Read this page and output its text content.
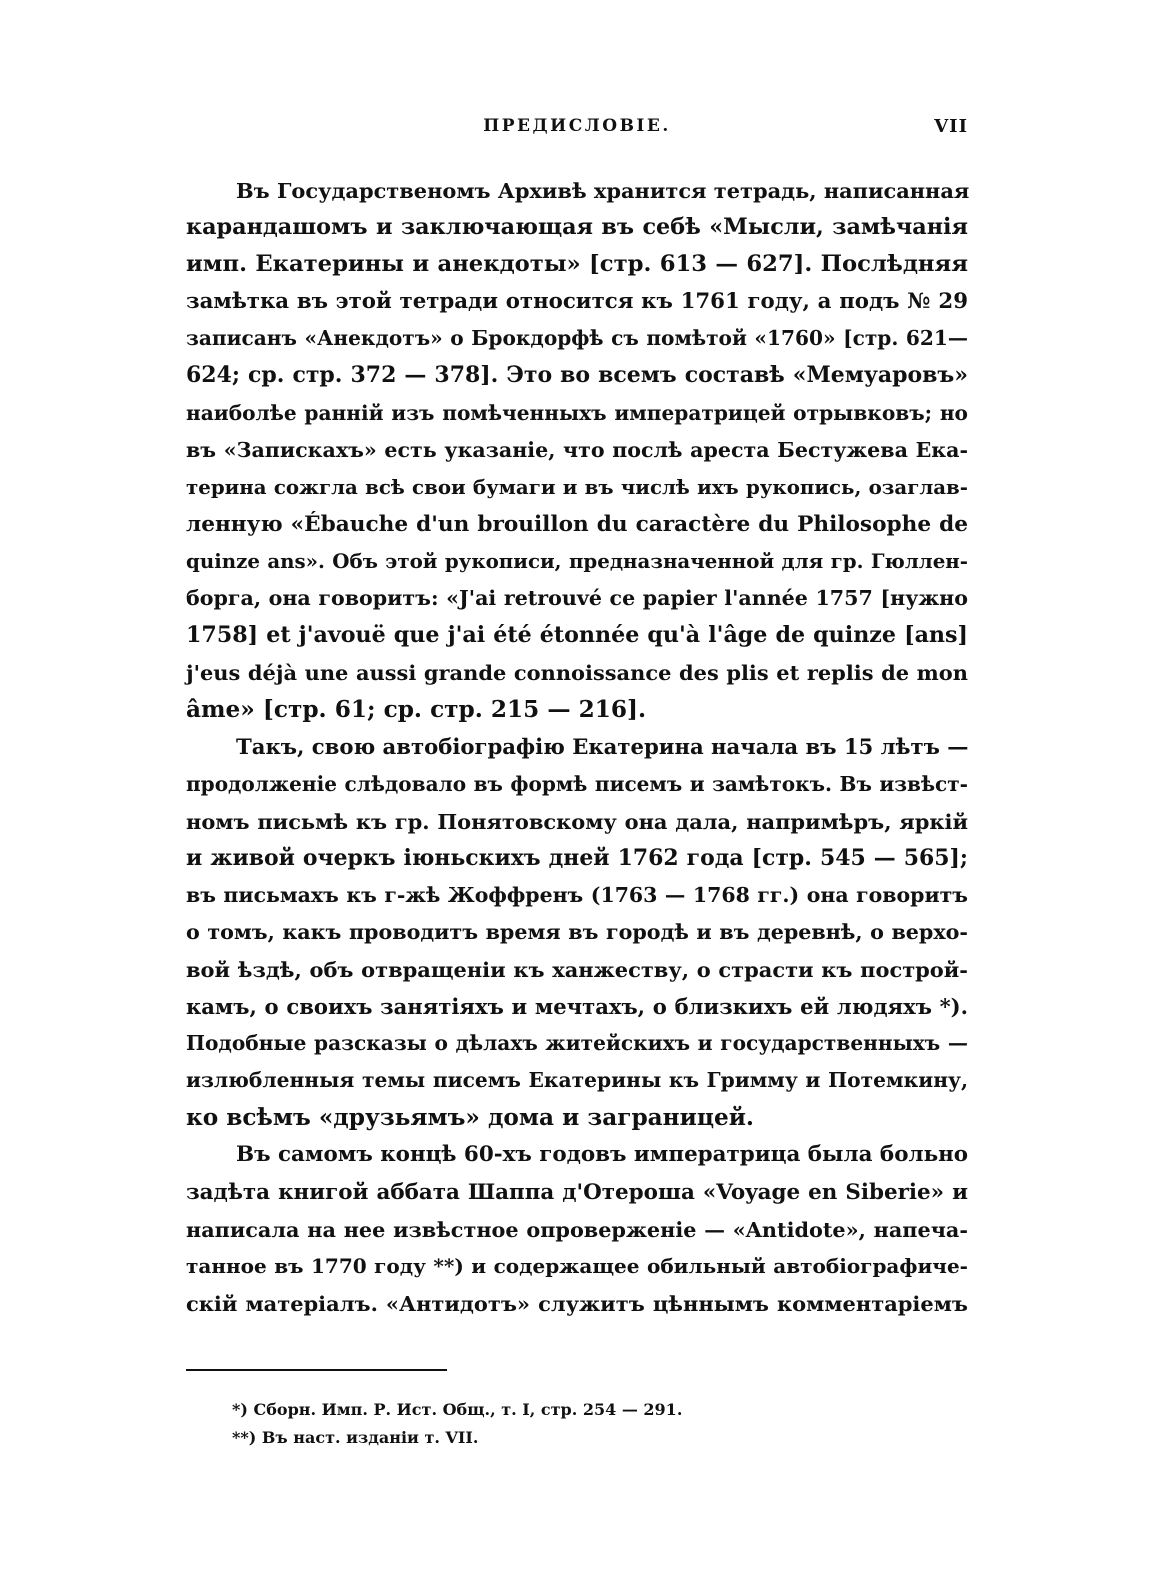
ПРЕДИСЛОВІЕ.	VII
Въ Государственомъ Архивѣ хранится тетрадь, написанная
карандашомъ и заключающая въ себѣ «Мысли, замѣчанія
имп. Екатерины и анекдоты» [стр. 613 — 627]. Послѣдняя
замѣтка въ этой тетради относится къ 1761 году, а подъ № 29
записанъ «Анекдотъ» о Брокдорфѣ съ помѣтой «1760» [стр. 621—
624; ср. стр. 372 — 378]. Это во всемъ составѣ «Мемуаровъ»
наиболѣе ранній изъ помѣченныхъ императрицей отрывковъ; но
въ «Запискахъ» есть указаніе, что послѣ ареста Бестужева Ека-
терина сожгла всѣ свои бумаги и въ числѣ ихъ рукопись, озаглав-
ленную «Ébauche d'un brouillon du caractère du Philosophe de
quinze ans». Объ этой рукописи, предназначенной для гр. Гюллен-
борга, она говоритъ: «J'ai retrouvé ce papier l'année 1757 [нужно
1758] et j'avouë que j'ai été étonnée qu'à l'âge de quinze [ans]
j'eus déjà une aussi grande connoissance des plis et replis de mon
âme» [стр. 61; ср. стр. 215 — 216].
Такъ, свою автобіографію Екатерина начала въ 15 лѣтъ —
продолженіе слѣдовало въ формѣ писемъ и замѣтокъ. Въ извѣст-
номъ письмѣ къ гр. Понятовскому она дала, напримѣръ, яркій
и живой очеркъ іюньскихъ дней 1762 года [стр. 545 — 565];
въ письмахъ къ г-жѣ Жоффренъ (1763 — 1768 гг.) она говоритъ
о томъ, какъ проводитъ время въ городѣ и въ деревнѣ, о верхо-
вой ѣздѣ, объ отвращеніи къ ханжеству, о страсти къ построй-
камъ, о своихъ занятіяхъ и мечтахъ, о близкихъ ей людяхъ *).
Подобные разсказы о дѣлахъ житейскихъ и государственныхъ —
излюбленныя темы писемъ Екатерины къ Гримму и Потемкину,
ко всѣмъ «друзьямъ» дома и заграницей.
Въ самомъ концѣ 60-хъ годовъ императрица была больно
задѣта книгой аббата Шаппа д'Отероша «Voyage en Siberie» и
написала на нее извѣстное опроверженіе — «Antidote», напеча-
танное въ 1770 году **) и содержащее обильный автобіографиче-
скій матеріалъ. «Антидотъ» служитъ цѣннымъ комментаріемъ
*) Сборн. Имп. Р. Ист. Общ., т. I, стр. 254 — 291.
**) Въ наст. изданіи т. VII.
